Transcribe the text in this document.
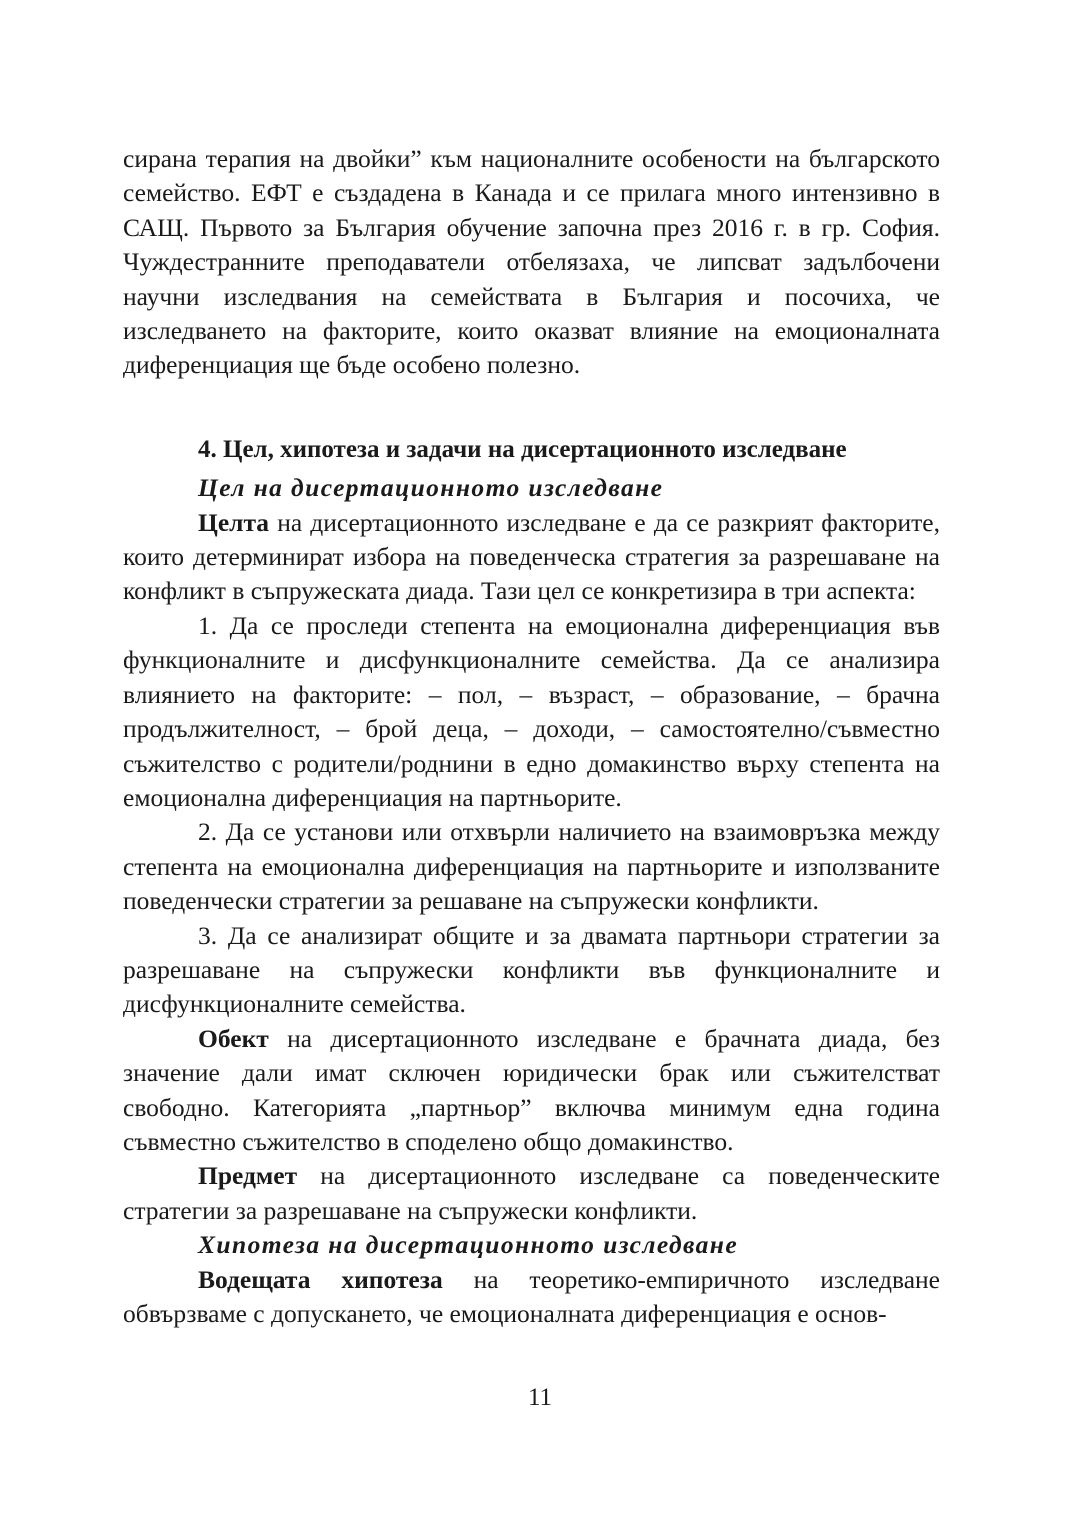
сирана терапия на двойки” към националните особености на българското семейство. ЕФТ е създадена в Канада и се прилага много интензивно в САЩ. Първото за България обучение започна през 2016 г. в гр. София. Чуждестранните преподаватели отбелязаха, че липсват задълбочени научни изследвания на семействата в България и посочиха, че изследването на факторите, които оказват влияние на емоционалната диференциация ще бъде особено полезно.

4. Цел, хипотеза и задачи на дисертационното изследване

Цел на дисертационното изследване

Целта на дисертационното изследване е да се разкрият факторите, които детерминират избора на поведенческа стратегия за разрешаване на конфликт в съпружеската диада. Тази цел се конкретизира в три аспекта:

1. Да се проследи степента на емоционална диференциация във функционалните и дисфункционалните семейства. Да се анализира влиянието на факторите: – пол, – възраст, – образование, – брачна продължителност, – брой деца, – доходи, – самостоятелно/съвместно съжителство с родители/роднини в едно домакинство върху степента на емоционална диференциация на партньорите.

2. Да се установи или отхвърли наличието на взаимовръзка между степента на емоционална диференциация на партньорите и използваните поведенчески стратегии за решаване на съпружески конфликти.

3. Да се анализират общите и за двамата партньори стратегии за разрешаване на съпружески конфликти във функционалните и дисфункционалните семейства.

Обект на дисертационното изследване е брачната диада, без значение дали имат сключен юридически брак или съжителстват свободно. Категорията „партньор” включва минимум една година съвместно съжителство в споделено общо домакинство.

Предмет на дисертационното изследване са поведенческите стратегии за разрешаване на съпружески конфликти.

Хипотеза на дисертационното изследване

Водещата хипотеза на теоретико-емпиричното изследване обвързваме с допускането, че емоционалната диференциация е основ-

11
